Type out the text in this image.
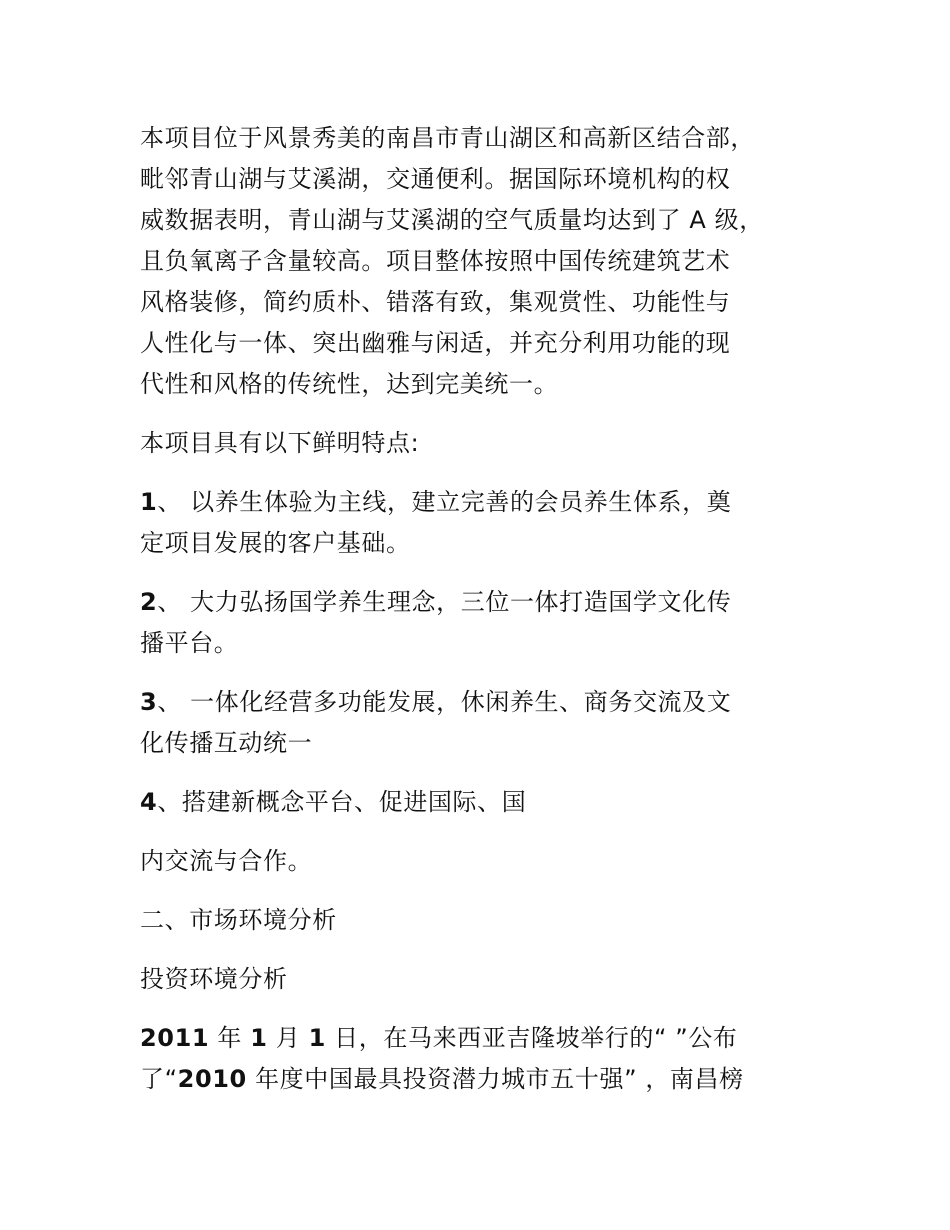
本项目位于风景秀美的南昌市青山湖区和高新区结合部，
毗邻青山湖与艾溪湖，交通便利。据国际环境机构的权
威数据表明，青山湖与艾溪湖的空气质量均达到了 A 级，
且负氧离子含量较高。项目整体按照中国传统建筑艺术
风格装修，简约质朴、错落有致，集观赏性、功能性与
人性化与一体、突出幽雅与闲适，并充分利用功能的现
代性和风格的传统性，达到完美统一。

本项目具有以下鲜明特点:

1、 以养生体验为主线，建立完善的会员养生体系，奠
定项目发展的客户基础。

2、 大力弘扬国学养生理念，三位一体打造国学文化传
播平台。

3、 一体化经营多功能发展，休闲养生、商务交流及文
化传播互动统一

4、搭建新概念平台、促进国际、国

内交流与合作。

二、市场环境分析

投资环境分析

2011 年 1 月 1 日，在马来西亚吉隆坡举行的“ ”公布
了“2010 年度中国最具投资潜力城市五十强” ，南昌榜
